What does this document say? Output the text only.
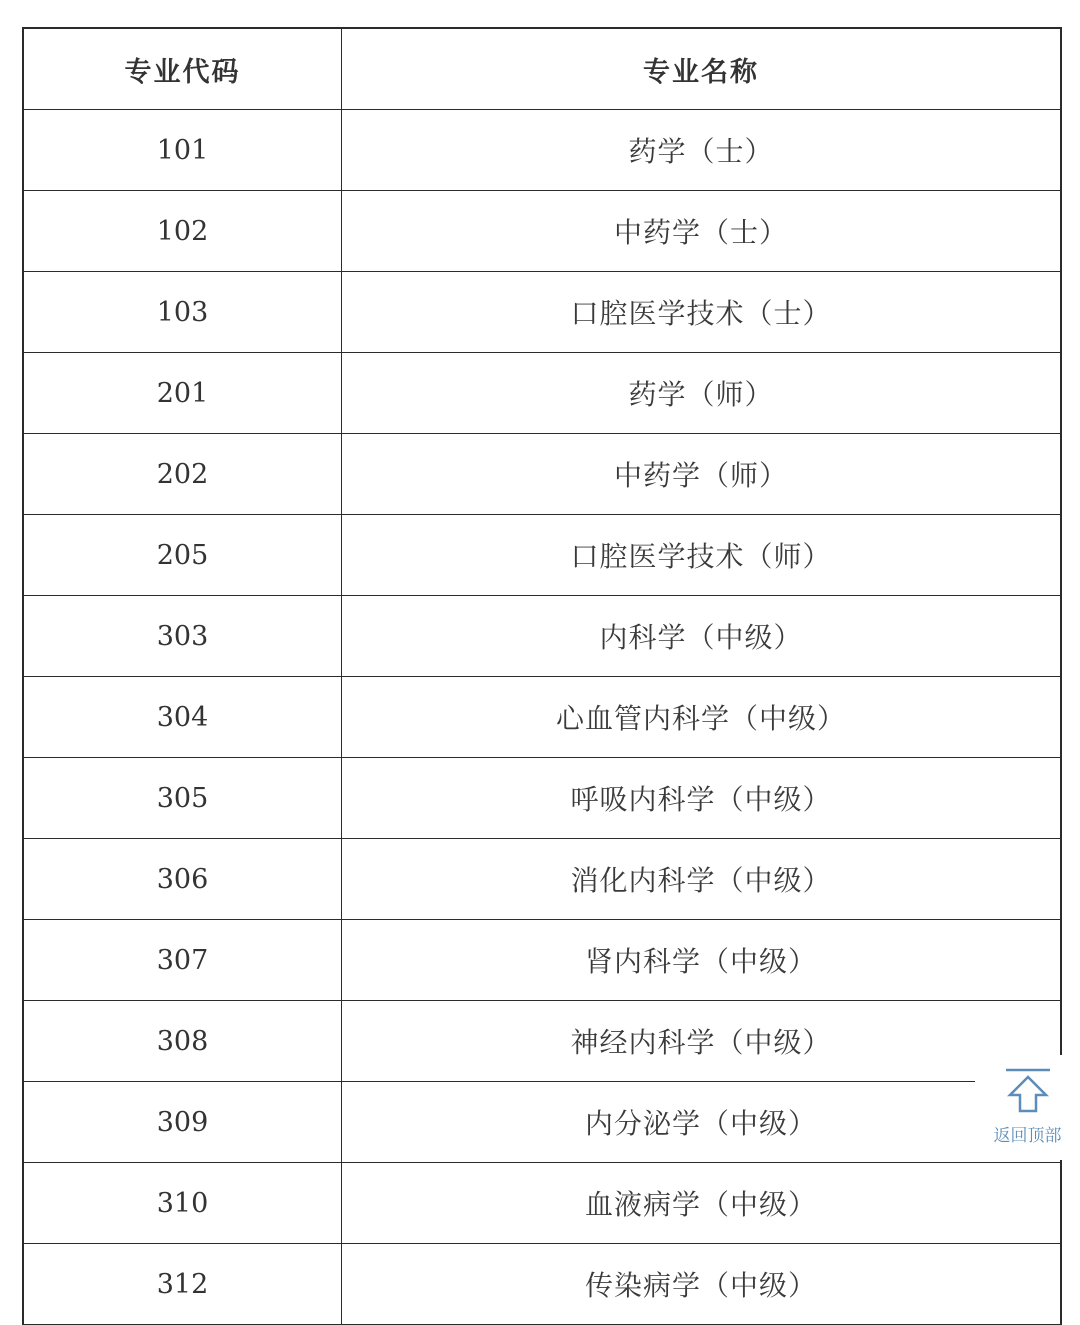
专业代码	专业名称
101	药学（士）
102	中药学（士）
103	口腔医学技术（士）
201	药学（师）
202	中药学（师）
205	口腔医学技术（师）
303	内科学（中级）
304	心血管内科学（中级）
305	呼吸内科学（中级）
306	消化内科学（中级）
307	肾内科学（中级）
308	神经内科学（中级）
309	内分泌学（中级）
310	血液病学（中级）
312	传染病学（中级）
返回顶部
